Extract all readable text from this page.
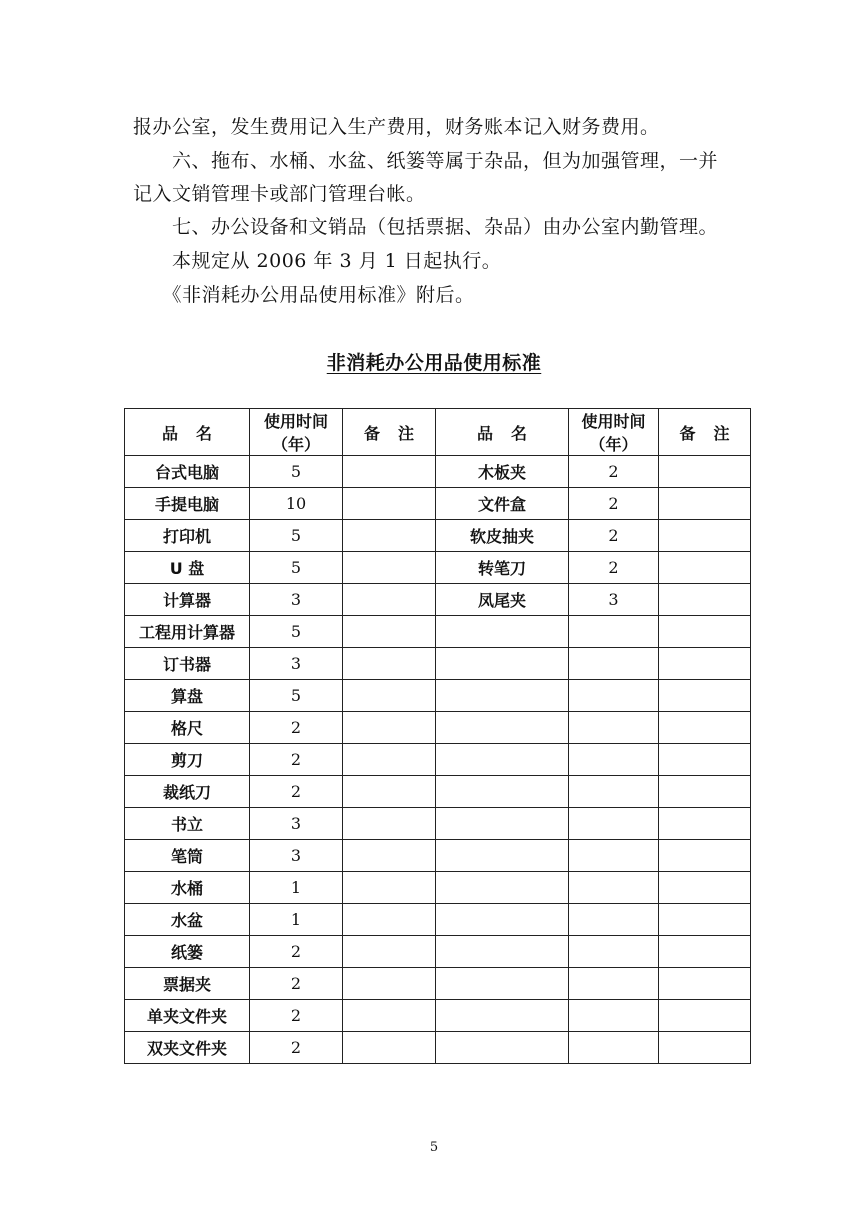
报办公室，发生费用记入生产费用，财务账本记入财务费用。
　　六、拖布、水桶、水盆、纸篓等属于杂品，但为加强管理，一并
记入文销管理卡或部门管理台帐。
　　七、办公设备和文销品（包括票据、杂品）由办公室内勤管理。
　　本规定从 2006 年 3 月 1 日起执行。
　　《非消耗办公用品使用标准》附后。
非消耗办公用品使用标准
品名	使用时间（年）	备注	品名	使用时间（年）	备注
台式电脑	5		木板夹	2	
手提电脑	10		文件盒	2	
打印机	5		软皮抽夹	2	
U 盘	5		转笔刀	2	
计算器	3		凤尾夹	3	
工程用计算器	5				
订书器	3				
算盘	5				
格尺	2				
剪刀	2				
裁纸刀	2				
书立	3				
笔筒	3				
水桶	1				
水盆	1				
纸篓	2				
票据夹	2				
单夹文件夹	2				
双夹文件夹	2				
5
